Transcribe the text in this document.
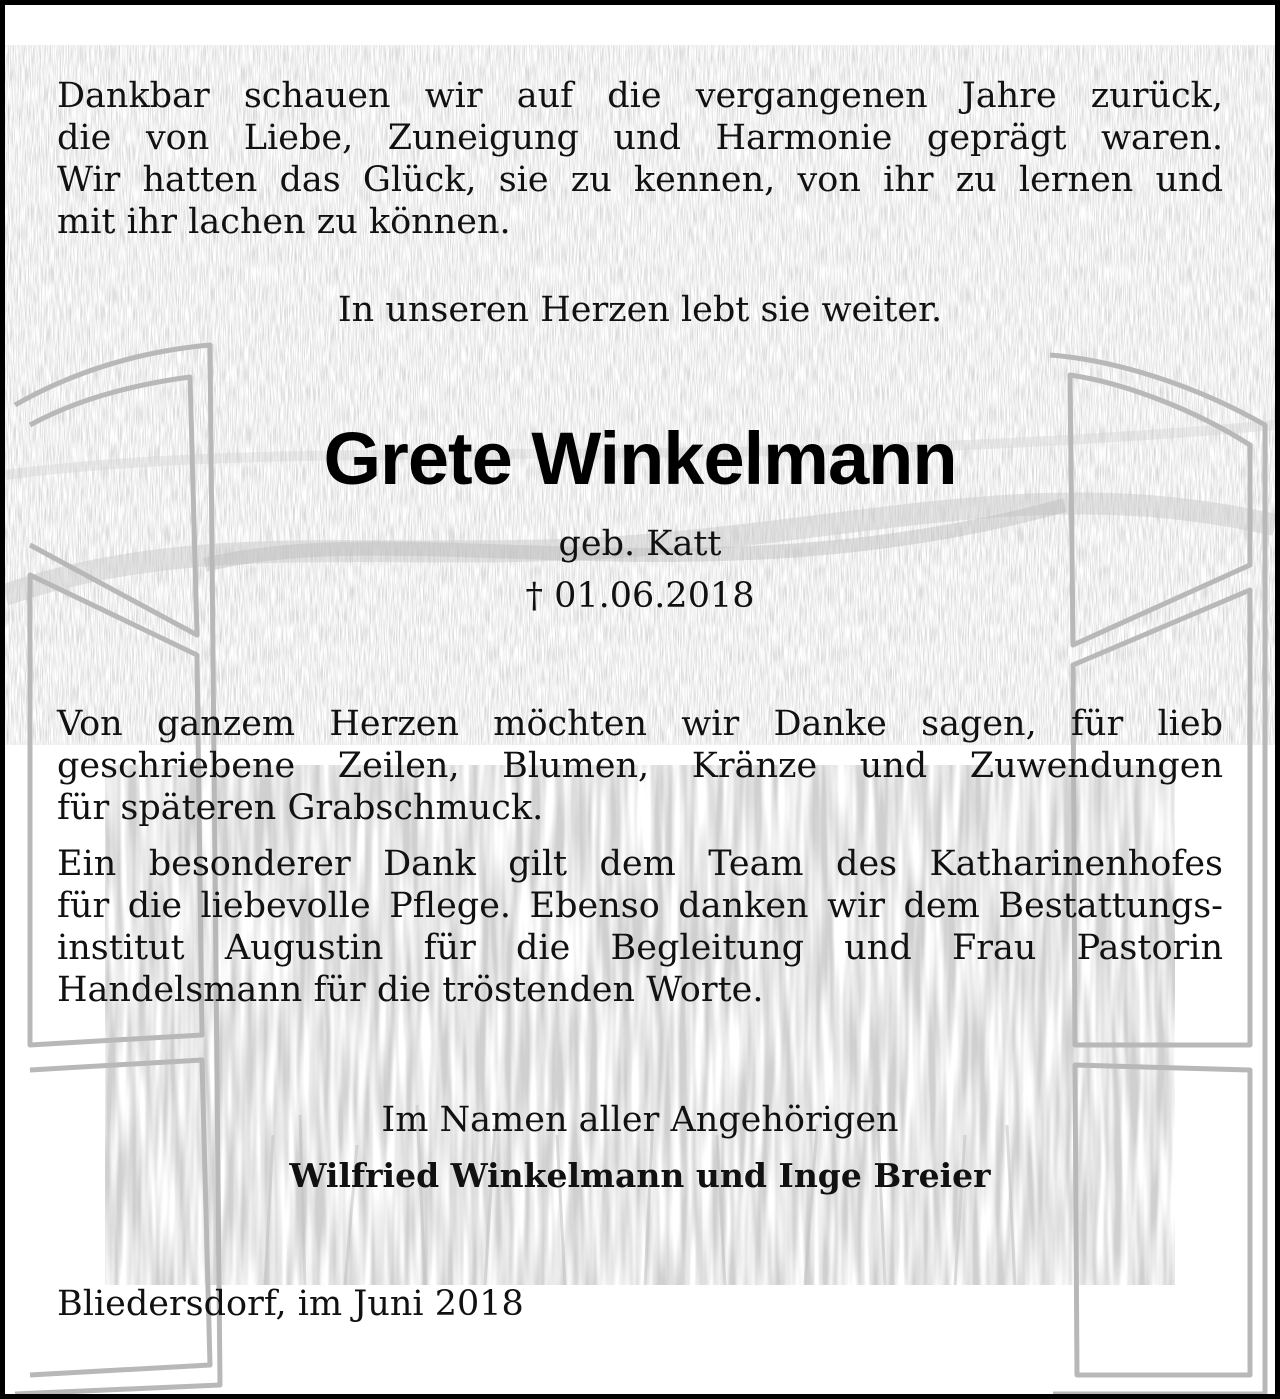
Dankbar schauen wir auf die vergangenen Jahre zurück,
die von Liebe, Zuneigung und Harmonie geprägt waren.
Wir hatten das Glück, sie zu kennen, von ihr zu lernen und
mit ihr lachen zu können.

In unseren Herzen lebt sie weiter.

Grete Winkelmann

geb. Katt

† 01.06.2018

Von ganzem Herzen möchten wir Danke sagen, für lieb
geschriebene Zeilen, Blumen, Kränze und Zuwendungen
für späteren Grabschmuck.

Ein besonderer Dank gilt dem Team des Katharinenhofes
für die liebevolle Pflege. Ebenso danken wir dem Bestattungs-
institut Augustin für die Begleitung und Frau Pastorin
Handelsmann für die tröstenden Worte.

Im Namen aller Angehörigen

Wilfried Winkelmann und Inge Breier

Bliedersdorf, im Juni 2018
